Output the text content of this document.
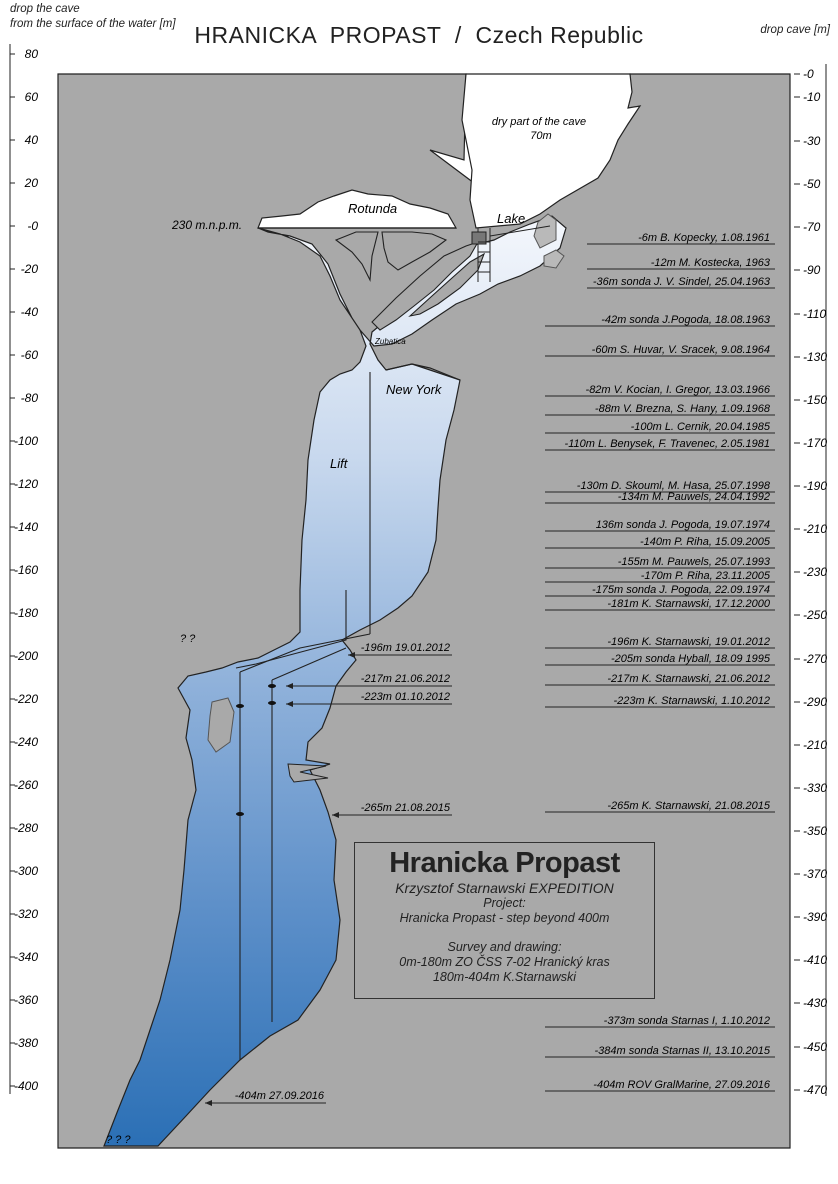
HRANICKA  PROPAST  /  Czech Republic
drop the cave
from the surface of the water [m]	drop cave [m]
dry part of the cave
70m
Rotunda
Lake
230 m.n.p.m.
Zubatica
New York
Lift
? ?
? ? ?
80
60
40
20
-0
-20
-40
-60
-80
-100
-120
-140
-160
-180
-200
-220
-240
-260
-280
-300
-320
-340
-360
-380
-400
-0
-10
-30
-50
-70
-90
-110
-130
-150
-170
-190
-210
-230
-250
-270
-290
-210
-330
-350
-370
-390
-410
-430
-450
-470
-6m B. Kopecky, 1.08.1961
-12m M. Kostecka, 1963
-36m sonda J. V. Sindel, 25.04.1963
-42m sonda J.Pogoda, 18.08.1963
-60m S. Huvar, V. Sracek, 9.08.1964
-82m V. Kocian, I. Gregor, 13.03.1966
-88m V. Brezna, S. Hany, 1.09.1968
-100m L. Cernik, 20.04.1985
-110m L. Benysek, F. Travenec, 2.05.1981
-130m D. Skouml, M. Hasa, 25.07.1998
-134m M. Pauwels, 24.04.1992
136m sonda J. Pogoda, 19.07.1974
-140m P. Riha, 15.09.2005
-155m M. Pauwels, 25.07.1993
-170m P. Riha, 23.11.2005
-175m sonda J. Pogoda, 22.09.1974
-181m K. Starnawski, 17.12.2000
-196m K. Starnawski, 19.01.2012
-205m sonda Hyball, 18.09 1995
-217m K. Starnawski, 21.06.2012
-223m K. Starnawski, 1.10.2012
-265m K. Starnawski, 21.08.2015
-373m sonda Starnas I, 1.10.2012
-384m sonda Starnas II, 13.10.2015
-404m ROV GralMarine, 27.09.2016
-196m 19.01.2012
-217m 21.06.2012
-223m 01.10.2012
-265m 21.08.2015
-404m 27.09.2016
Hranicka Propast
Krzysztof Starnawski EXPEDITION
Project:
Hranicka Propast - step beyond 400m
Survey and drawing:
0m-180m ZO ČSS 7-02 Hranický kras
180m-404m K.Starnawski
